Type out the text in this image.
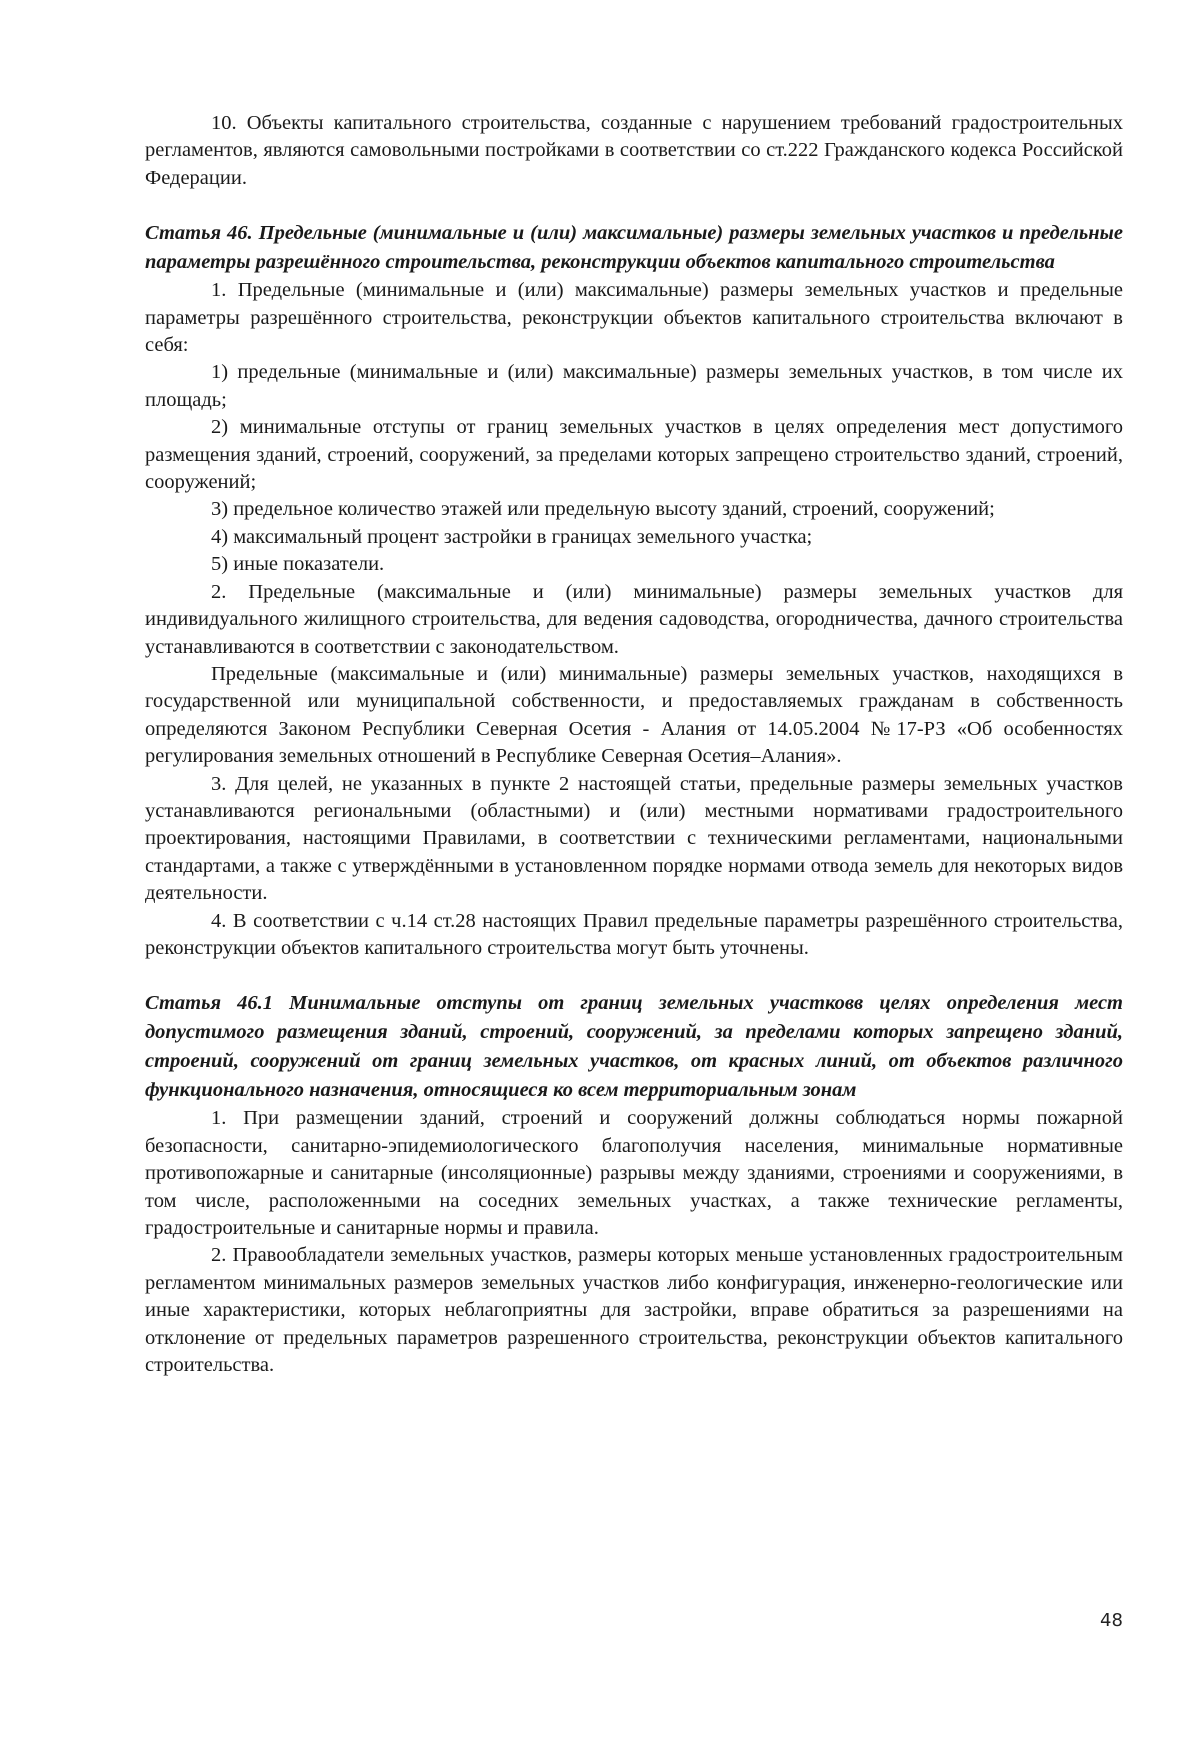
10. Объекты капитального строительства, созданные с нарушением требований градостроительных регламентов, являются самовольными постройками в соответствии со ст.222 Гражданского кодекса Российской Федерации.

Статья 46. Предельные (минимальные и (или) максимальные) размеры земельных участков и предельные параметры разрешённого строительства, реконструкции объектов капитального строительства

1. Предельные (минимальные и (или) максимальные) размеры земельных участков и предельные параметры разрешённого строительства, реконструкции объектов капитального строительства включают в себя:

1) предельные (минимальные и (или) максимальные) размеры земельных участков, в том числе их площадь;

2) минимальные отступы от границ земельных участков в целях определения мест допустимого размещения зданий, строений, сооружений, за пределами которых запрещено строительство зданий, строений, сооружений;

3) предельное количество этажей или предельную высоту зданий, строений, сооружений;

4) максимальный процент застройки в границах земельного участка;

5) иные показатели.

2. Предельные (максимальные и (или) минимальные) размеры земельных участков для индивидуального жилищного строительства, для ведения садоводства, огородничества, дачного строительства устанавливаются в соответствии с законодательством.

Предельные (максимальные и (или) минимальные) размеры земельных участков, находящихся в государственной или муниципальной собственности, и предоставляемых гражданам в собственность определяются Законом Республики Северная Осетия - Алания от 14.05.2004 №17-РЗ «Об особенностях регулирования земельных отношений в Республике Северная Осетия–Алания».

3. Для целей, не указанных в пункте 2 настоящей статьи, предельные размеры земельных участков устанавливаются региональными (областными) и (или) местными нормативами градостроительного проектирования, настоящими Правилами, в соответствии с техническими регламентами, национальными стандартами, а также с утверждёнными в установленном порядке нормами отвода земель для некоторых видов деятельности.

4. В соответствии с ч.14 ст.28 настоящих Правил предельные параметры разрешённого строительства, реконструкции объектов капитального строительства могут быть уточнены.

Статья 46.1 Минимальные отступы от границ земельных участковв целях определения мест допустимого размещения зданий, строений, сооружений, за пределами которых запрещено зданий, строений, сооружений от границ земельных участков, от красных линий, от объектов различного функционального назначения, относящиеся ко всем территориальным зонам

1. При размещении зданий, строений и сооружений должны соблюдаться нормы пожарной безопасности, санитарно-эпидемиологического благополучия населения, минимальные нормативные противопожарные и санитарные (инсоляционные) разрывы между зданиями, строениями и сооружениями, в том числе, расположенными на соседних земельных участках, а также технические регламенты, градостроительные и санитарные нормы и правила.

2. Правообладатели земельных участков, размеры которых меньше установленных градостроительным регламентом минимальных размеров земельных участков либо конфигурация, инженерно-геологические или иные характеристики, которых неблагоприятны для застройки, вправе обратиться за разрешениями на отклонение от предельных параметров разрешенного строительства, реконструкции объектов капитального строительства.

48
